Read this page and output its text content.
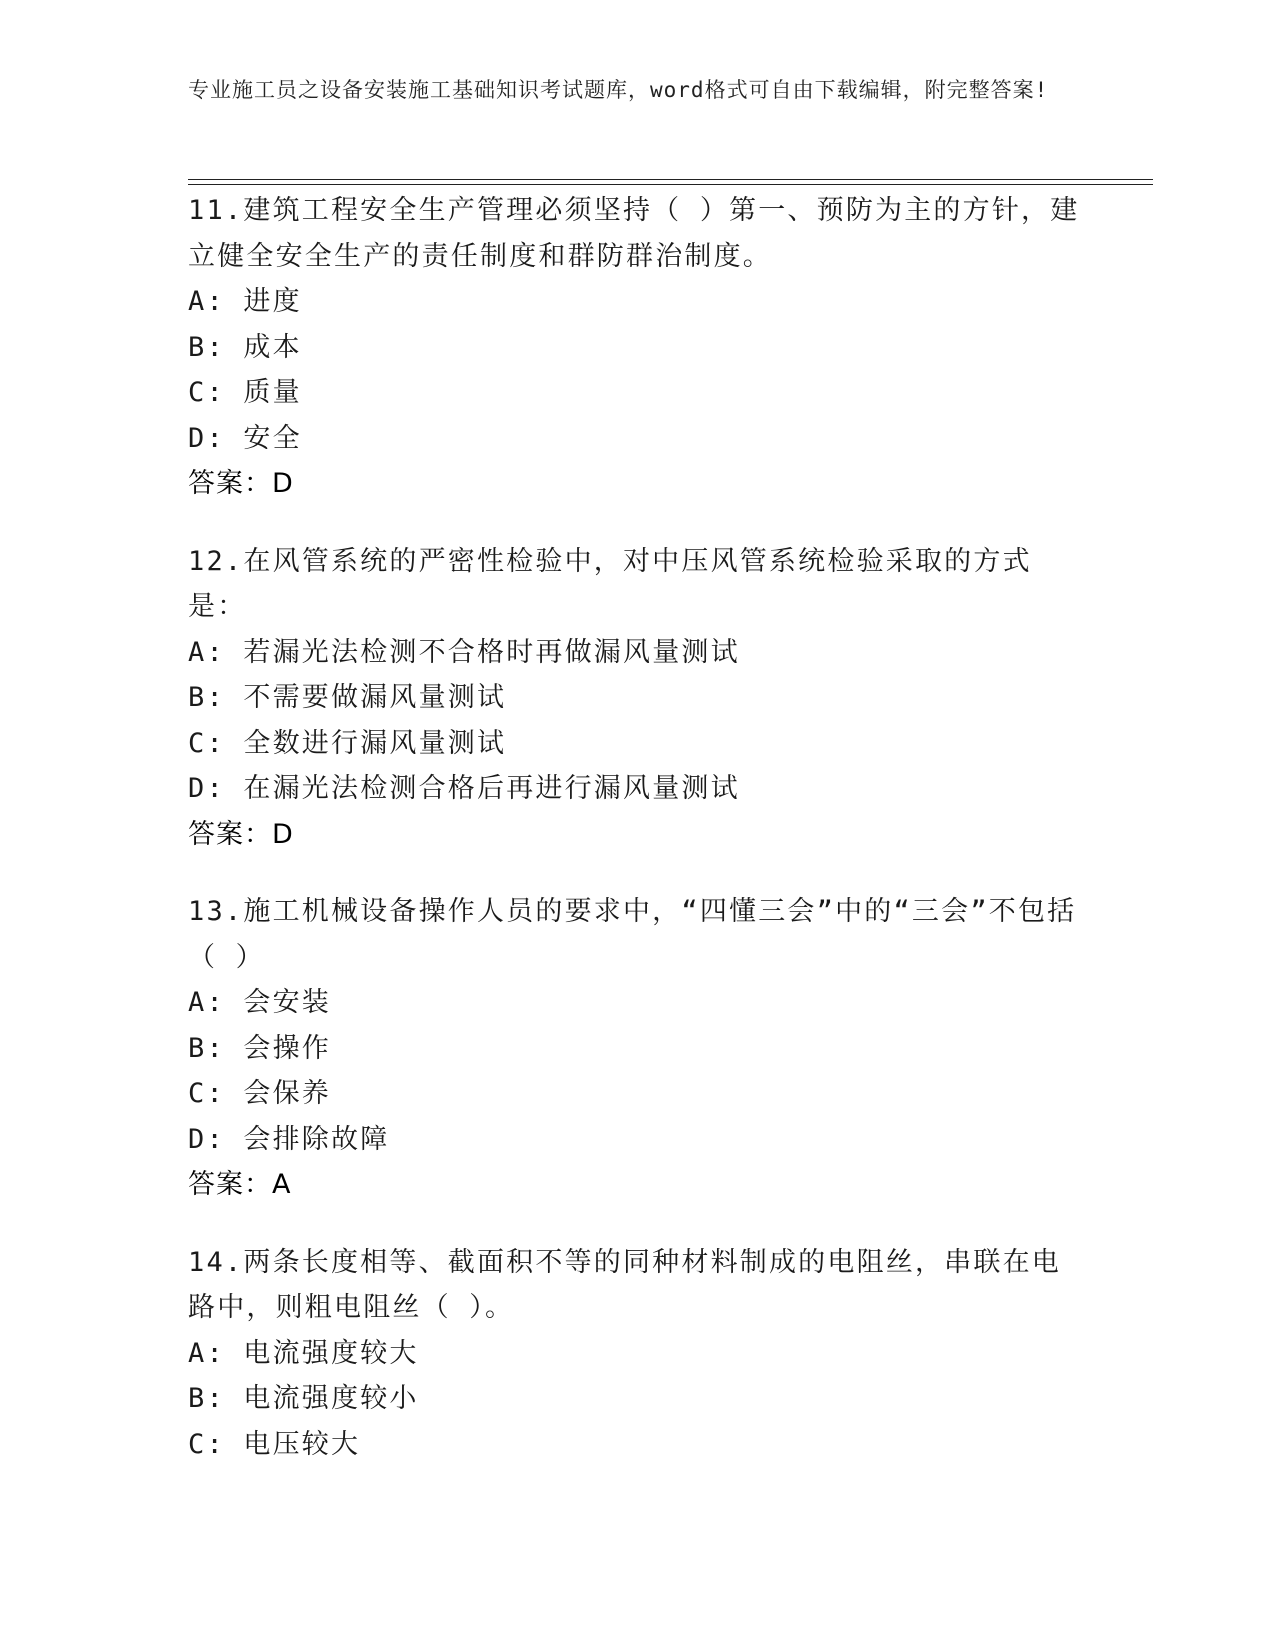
专业施工员之设备安装施工基础知识考试题库，word格式可自由下载编辑，附完整答案!
11.建筑工程安全生产管理必须坚持（ ）第一、预防为主的方针，建立健全安全生产的责任制度和群防群治制度。
A: 进度
B: 成本
C: 质量
D: 安全
答案：D
12.在风管系统的严密性检验中，对中压风管系统检验采取的方式是：
A: 若漏光法检测不合格时再做漏风量测试
B: 不需要做漏风量测试
C: 全数进行漏风量测试
D: 在漏光法检测合格后再进行漏风量测试
答案：D
13.施工机械设备操作人员的要求中，“四懂三会”中的“三会”不包括（ ）
A: 会安装
B: 会操作
C: 会保养
D: 会排除故障
答案：A
14.两条长度相等、截面积不等的同种材料制成的电阻丝，串联在电路中，则粗电阻丝（ ）。
A: 电流强度较大
B: 电流强度较小
C: 电压较大
